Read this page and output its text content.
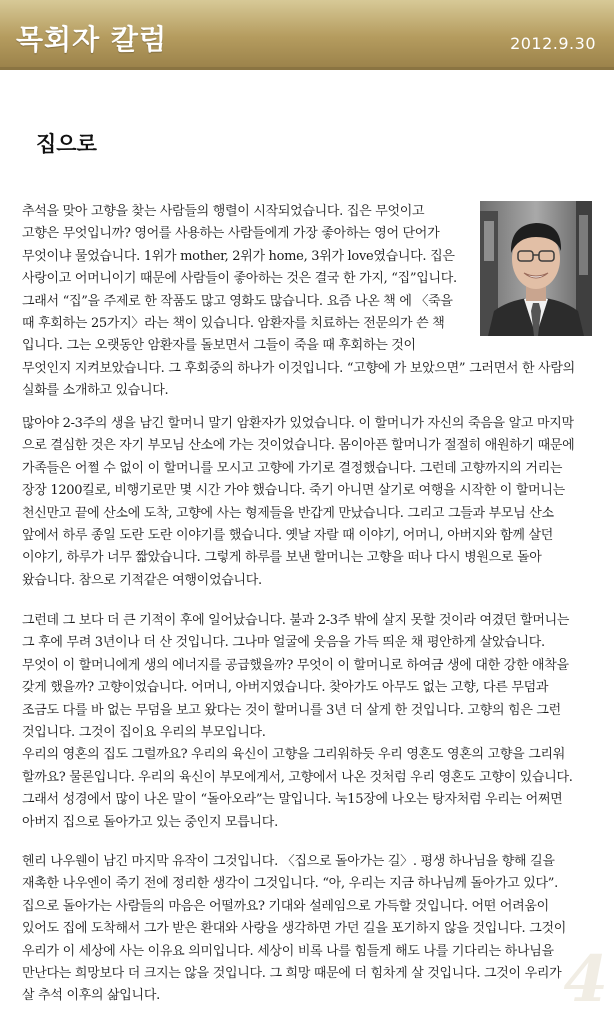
목회자 칼럼	2012.9.30
집으로
추석을 맞아 고향을 찾는 사람들의 행렬이 시작되었습니다. 집은 무엇이고
고향은 무엇입니까? 영어를 사용하는 사람들에게 가장 좋아하는 영어 단어가
무엇이냐 물었습니다. 1위가 mother, 2위가 home, 3위가 love였습니다. 집은
사랑이고 어머니이기 때문에 사람들이 좋아하는 것은 결국 한 가지, “집”입니다.
그래서 “집”을 주제로 한 작품도 많고 영화도 많습니다. 요즘 나온 책 에 〈죽을
때 후회하는 25가지〉라는 책이 있습니다. 암환자를 치료하는 전문의가 쓴 책
입니다. 그는 오랫동안 암환자를 돌보면서 그들이 죽을 때 후회하는 것이
무엇인지 지켜보았습니다. 그 후회중의 하나가 이것입니다. “고향에 가 보았으면” 그러면서 한 사람의
실화를 소개하고 있습니다.
많아야 2-3주의 생을 남긴 할머니 말기 암환자가 있었습니다. 이 할머니가 자신의 죽음을 알고 마지막
으로 결심한 것은 자기 부모님 산소에 가는 것이었습니다. 몸이아픈 할머니가 절절히 애원하기 때문에
가족들은 어쩔 수 없이 이 할머니를 모시고 고향에 가기로 결정했습니다. 그런데 고향까지의 거리는
장장 1200킬로, 비행기로만 몇 시간 가야 했습니다. 죽기 아니면 살기로 여행을 시작한 이 할머니는
천신만고 끝에 산소에 도착, 고향에 사는 형제들을 반갑게 만났습니다. 그리고 그들과 부모님 산소
앞에서 하루 종일 도란 도란 이야기를 했습니다. 옛날 자랄 때 이야기, 어머니, 아버지와 함께 살던
이야기, 하루가 너무 짧았습니다. 그렇게 하루를 보낸 할머니는 고향을 떠나 다시 병원으로 돌아
왔습니다. 참으로 기적같은 여행이었습니다.
그런데 그 보다 더 큰 기적이 후에 일어났습니다. 불과 2-3주 밖에 살지 못할 것이라 여겼던 할머니는
그 후에 무려 3년이나 더 산 것입니다. 그나마 얼굴에 웃음을 가득 띄운 채 평안하게 살았습니다.
무엇이 이 할머니에게 생의 에너지를 공급했을까? 무엇이 이 할머니로 하여금 생에 대한 강한 애착을
갖게 했을까? 고향이었습니다. 어머니, 아버지였습니다. 찾아가도 아무도 없는 고향, 다른 무덤과
조금도 다를 바 없는 무덤을 보고 왔다는 것이 할머니를 3년 더 살게 한 것입니다. 고향의 힘은 그런
것입니다. 그것이 집이요 우리의 부모입니다.
우리의 영혼의 집도 그럴까요? 우리의 육신이 고향을 그리워하듯 우리 영혼도 영혼의 고향을 그리워
할까요? 물론입니다. 우리의 육신이 부모에게서, 고향에서 나온 것처럼 우리 영혼도 고향이 있습니다.
그래서 성경에서 많이 나온 말이 “돌아오라”는 말입니다. 눅15장에 나오는 탕자처럼 우리는 어쩌면
아버지 집으로 돌아가고 있는 중인지 모릅니다.
헨리 나우웬이 남긴 마지막 유작이 그것입니다. 〈집으로 돌아가는 길〉. 평생 하나님을 향해 길을
재촉한 나우엔이 죽기 전에 정리한 생각이 그것입니다. “아, 우리는 지금 하나님께 돌아가고 있다”.
집으로 돌아가는 사람들의 마음은 어떨까요? 기대와 설레임으로 가득할 것입니다. 어떤 어려움이
있어도 집에 도착해서 그가 받은 환대와 사랑을 생각하면 가던 길을 포기하지 않을 것입니다. 그것이
우리가 이 세상에 사는 이유요 의미입니다. 세상이 비록 나를 힘들게 해도 나를 기다리는 하나님을
만난다는 희망보다 더 크지는 않을 것입니다. 그 희망 때문에 더 힘차게 살 것입니다. 그것이 우리가
살 추석 이후의 삶입니다.	4
